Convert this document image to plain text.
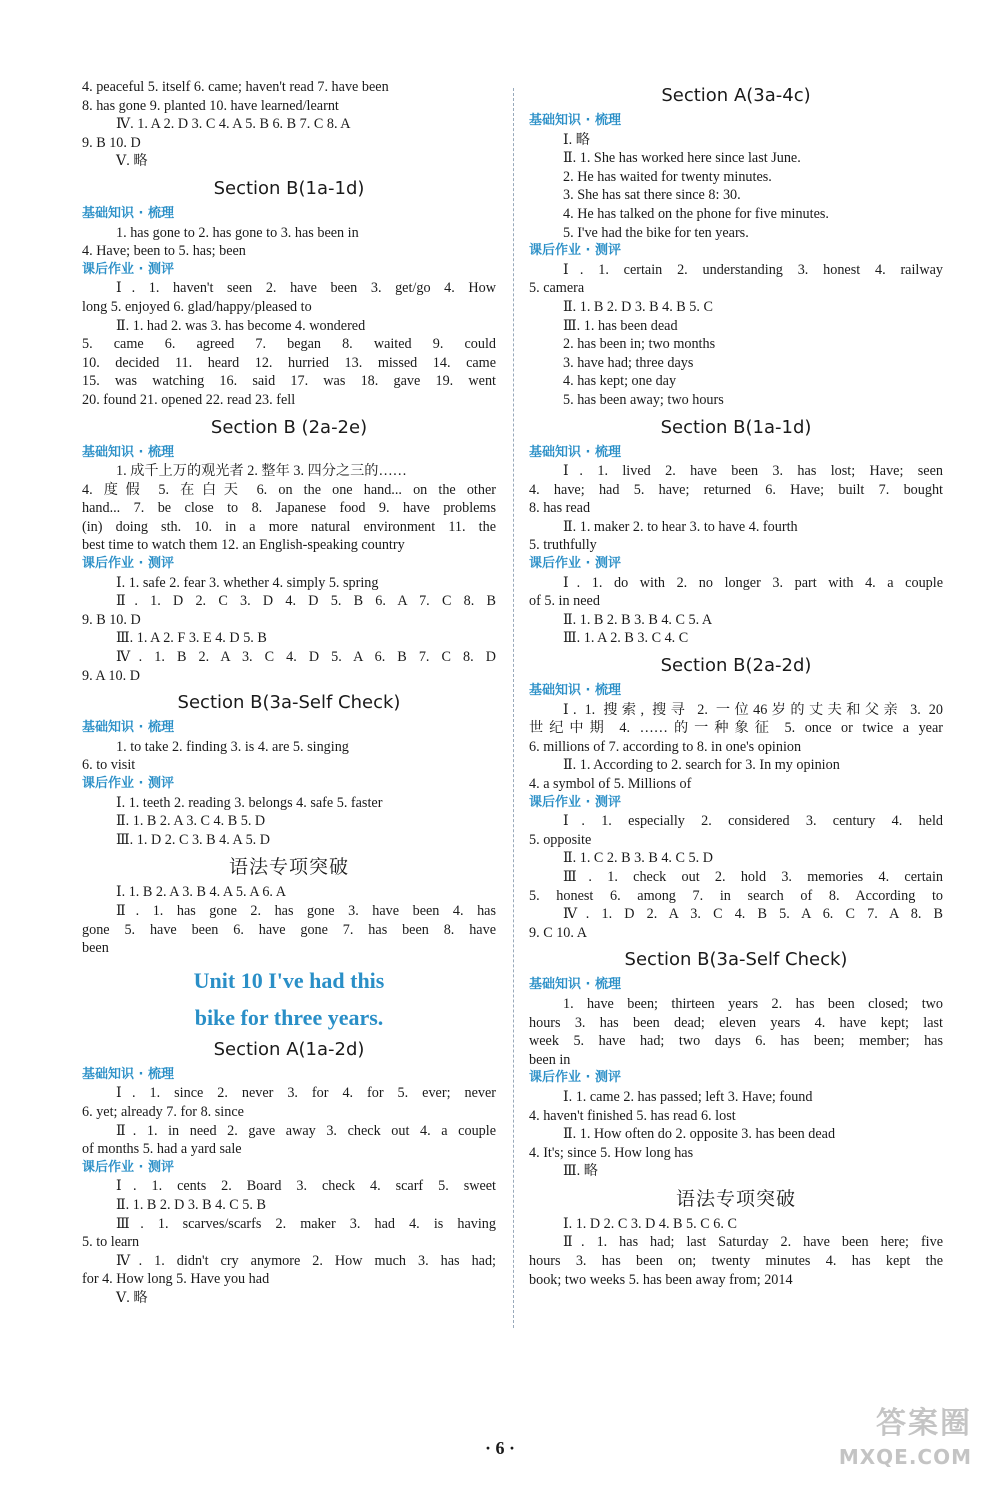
4. peaceful 5. itself 6. came; haven't read 7. have been
8. has gone 9. planted 10. have learned/learnt
Ⅳ. 1. A 2. D 3. C 4. A 5. B 6. B 7. C 8. A
9. B 10. D
Ⅴ. 略
Section B(1a-1d)
基础知识 · 梳理
1. has gone to 2. has gone to 3. has been in
4. Have; been to 5. has; been
课后作业 · 测评
Ⅰ. 1. haven't seen 2. have been 3. get/go 4. How
long 5. enjoyed 6. glad/happy/pleased to
Ⅱ. 1. had 2. was 3. has become 4. wondered
5. came 6. agreed 7. began 8. waited 9. could
10. decided 11. heard 12. hurried 13. missed 14. came
15. was watching 16. said 17. was 18. gave 19. went
20. found 21. opened 22. read 23. fell
Section B (2a-2e)
基础知识 · 梳理
1. 成千上万的观光者 2. 整年 3. 四分之三的……
4. 度假 5. 在白天 6. on the one hand... on the other
hand... 7. be close to 8. Japanese food 9. have problems
(in) doing sth. 10. in a more natural environment 11. the
best time to watch them 12. an English-speaking country
课后作业 · 测评
Ⅰ. 1. safe 2. fear 3. whether 4. simply 5. spring
Ⅱ. 1. D 2. C 3. D 4. D 5. B 6. A 7. C 8. B
9. B 10. D
Ⅲ. 1. A 2. F 3. E 4. D 5. B
Ⅳ. 1. B 2. A 3. C 4. D 5. A 6. B 7. C 8. D
9. A 10. D
Section B(3a-Self Check)
基础知识 · 梳理
1. to take 2. finding 3. is 4. are 5. singing
6. to visit
课后作业 · 测评
Ⅰ. 1. teeth 2. reading 3. belongs 4. safe 5. faster
Ⅱ. 1. B 2. A 3. C 4. B 5. D
Ⅲ. 1. D 2. C 3. B 4. A 5. D
语法专项突破
Ⅰ. 1. B 2. A 3. B 4. A 5. A 6. A
Ⅱ. 1. has gone 2. has gone 3. have been 4. has
gone 5. have been 6. have gone 7. has been 8. have
been
Unit 10 I've had this
bike for three years.
Section A(1a-2d)
基础知识 · 梳理
Ⅰ. 1. since 2. never 3. for 4. for 5. ever; never
6. yet; already 7. for 8. since
Ⅱ. 1. in need 2. gave away 3. check out 4. a couple
of months 5. had a yard sale
课后作业 · 测评
Ⅰ. 1. cents 2. Board 3. check 4. scarf 5. sweet
Ⅱ. 1. B 2. D 3. B 4. C 5. B
Ⅲ. 1. scarves/scarfs 2. maker 3. had 4. is having
5. to learn
Ⅳ. 1. didn't cry anymore 2. How much 3. has had;
for 4. How long 5. Have you had
Ⅴ. 略
Section A(3a-4c)
基础知识 · 梳理
Ⅰ. 略
Ⅱ. 1. She has worked here since last June.
2. He has waited for twenty minutes.
3. She has sat there since 8: 30.
4. He has talked on the phone for five minutes.
5. I've had the bike for ten years.
课后作业 · 测评
Ⅰ. 1. certain 2. understanding 3. honest 4. railway
5. camera
Ⅱ. 1. B 2. D 3. B 4. B 5. C
Ⅲ. 1. has been dead
2. has been in; two months
3. have had; three days
4. has kept; one day
5. has been away; two hours
Section B(1a-1d)
基础知识 · 梳理
Ⅰ. 1. lived 2. have been 3. has lost; Have; seen
4. have; had 5. have; returned 6. Have; built 7. bought
8. has read
Ⅱ. 1. maker 2. to hear 3. to have 4. fourth
5. truthfully
课后作业 · 测评
Ⅰ. 1. do with 2. no longer 3. part with 4. a couple
of 5. in need
Ⅱ. 1. B 2. B 3. B 4. C 5. A
Ⅲ. 1. A 2. B 3. C 4. C
Section B(2a-2d)
基础知识 · 梳理
Ⅰ. 1. 搜索, 搜寻 2. 一位46岁的丈夫和父亲 3. 20
世纪中期 4. ……的一种象征 5. once or twice a year
6. millions of 7. according to 8. in one's opinion
Ⅱ. 1. According to 2. search for 3. In my opinion
4. a symbol of 5. Millions of
课后作业 · 测评
Ⅰ. 1. especially 2. considered 3. century 4. held
5. opposite
Ⅱ. 1. C 2. B 3. B 4. C 5. D
Ⅲ. 1. check out 2. hold 3. memories 4. certain
5. honest 6. among 7. in search of 8. According to
Ⅳ. 1. D 2. A 3. C 4. B 5. A 6. C 7. A 8. B
9. C 10. A
Section B(3a-Self Check)
基础知识 · 梳理
1. have been; thirteen years 2. has been closed; two
hours 3. has been dead; eleven years 4. have kept; last
week 5. have had; two days 6. has been; member; has
been in
课后作业 · 测评
Ⅰ. 1. came 2. has passed; left 3. Have; found
4. haven't finished 5. has read 6. lost
Ⅱ. 1. How often do 2. opposite 3. has been dead
4. It's; since 5. How long has
Ⅲ. 略
语法专项突破
Ⅰ. 1. D 2. C 3. D 4. B 5. C 6. C
Ⅱ. 1. has had; last Saturday 2. have been here; five
hours 3. has been on; twenty minutes 4. has kept the
book; two weeks 5. has been away from; 2014
· 6 ·
答案圈
MXQE.COM
